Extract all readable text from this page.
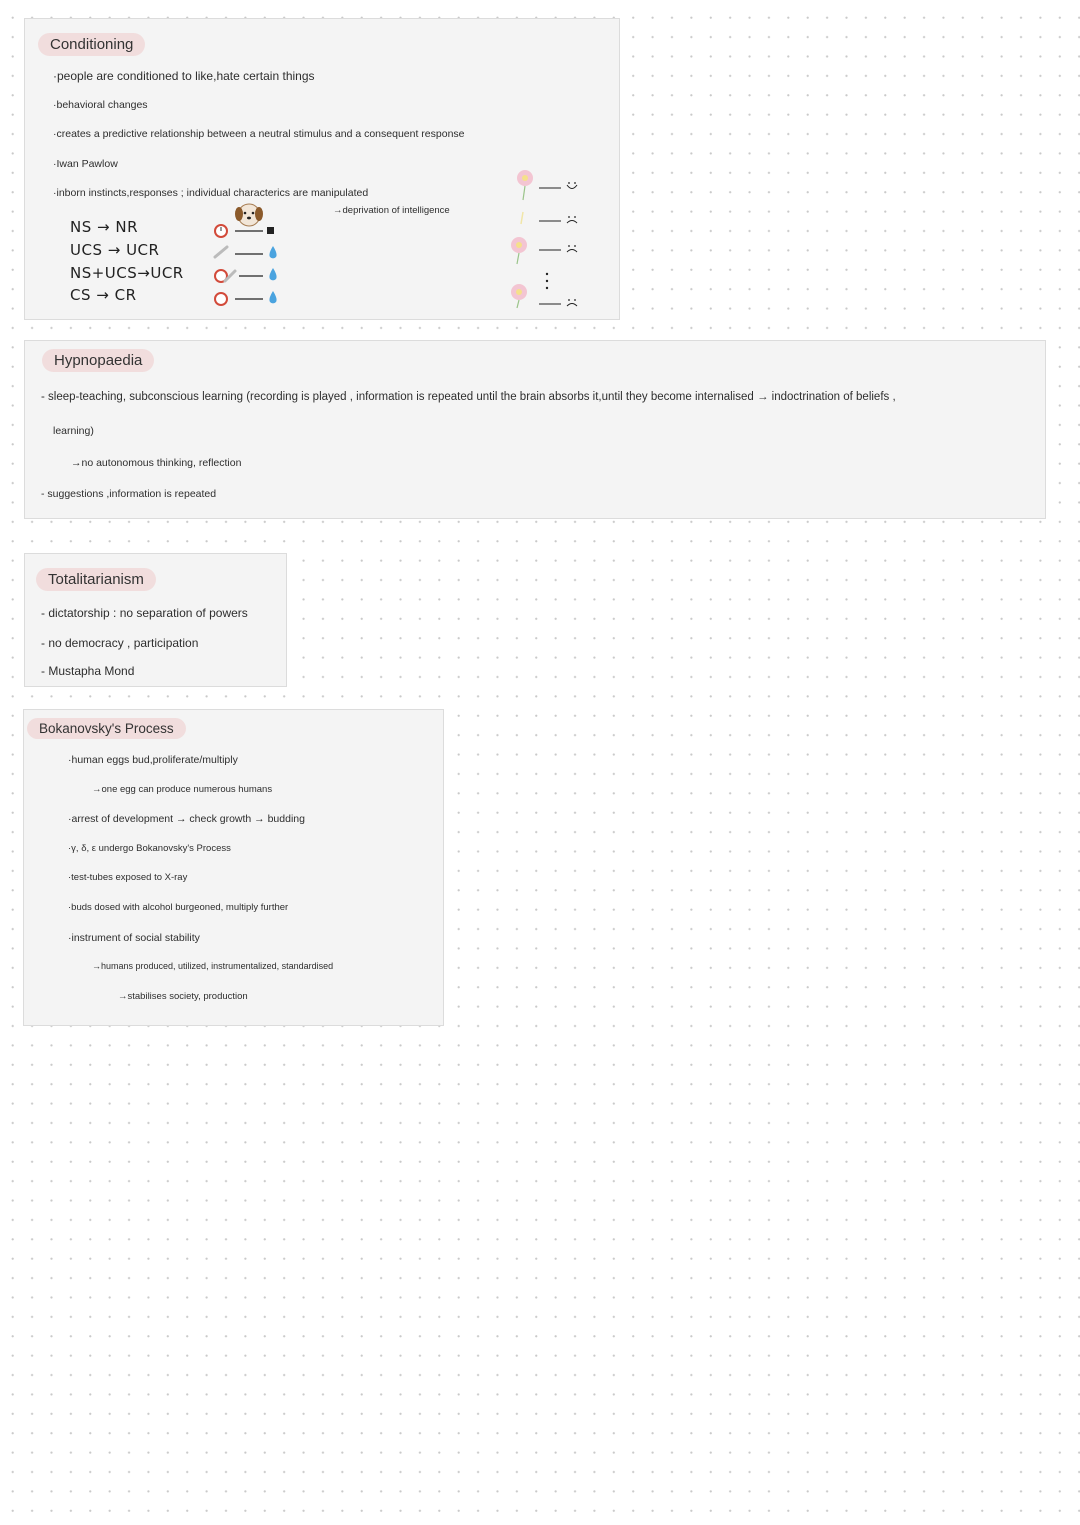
Conditioning
·people are conditioned to like,hate certain things
·behavioral changes
·creates a predictive relationship between a neutral stimulus and a consequent response
·Iwan Pawlow
·inborn instincts,responses ; individual characterics are manipulated
→deprivation of intelligence
NS → NR
UCS → UCR
NS+UCS→UCR
CS → CR
Hypnopaedia
- sleep-teaching, subconscious learning (recording is played , information is repeated until the brain absorbs it,until they become internalised → indoctrination of beliefs ,
learning)
→no autonomous thinking, reflection
- suggestions ,information is repeated
Totalitarianism
- dictatorship : no separation of powers
- no democracy , participation
- Mustapha Mond
Bokanovsky's Process
·human eggs bud,proliferate/multiply
→one egg can produce numerous humans
·arrest of development → check growth → budding
·γ, δ, ε undergo Bokanovsky's Process
·test-tubes exposed to X-ray
·buds dosed with alcohol burgeoned, multiply further
·instrument of social stability
→humans produced, utilized, instrumentalized, standardised
→stabilises society, production
